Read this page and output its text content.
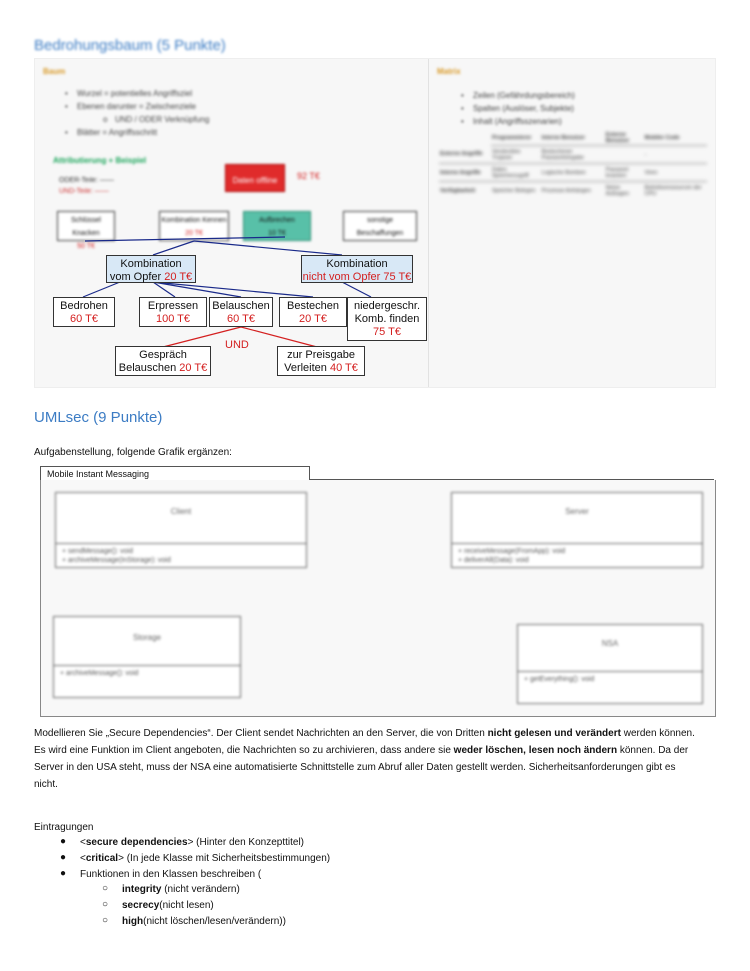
Bedrohungsbaum (5 Punkte)
Baum
• Wurzel = potentielles Angriffsziel
• Ebenen darunter = Zwischenziele
o UND / ODER Verknüpfung
• Blätter = Angriffsschritt
Attributierung + Beispiel
ODER-Teile: ——
UND-Teile: ——
Daten offline	92 T€
Schlüssel Knacken
50 T€
Kombination Kennen
20 T€
Aufbrechen
10 T€
sonstige Beschaffungen
Matrix
• Zeilen (Gefährdungsbereich)
• Spalten (Auslöser, Subjekte)
• Inhalt (Angriffsszenarien)
	Programmierer	Interne Benutzer	Externe Benutzer	Mobiler Code
Externe Angriffe	Verstecktes Trojaner	Bestochener Passworteingabe		-
Interne Angriffe	Daten Speicherzugriff	Logische Bomben	Passwort knacken	Viren
Verfügbarkeit	Speicher Belegen	Prozesse Anhängen	Netze Aufsagen	Betriebsressourcen der CPU
Kombination
vom Opfer 20 T€
Kombination
nicht vom Opfer 75 T€
Bedrohen
60 T€
Erpressen
100 T€
Belauschen
60 T€
Bestechen
20 T€
niedergeschr.
Komb. finden
75 T€
UND
Gespräch
Belauschen 20 T€
zur Preisgabe
Verleiten 40 T€
UMLsec (9 Punkte)
Aufgabenstellung, folgende Grafik ergänzen:
Mobile Instant Messaging
Client
+ sendMessage(): void
+ archiveMessage(InStorage): void
Server
+ receiveMessage(FromApp): void
+ deliverAll(Data): void
Storage
+ archiveMessage(): void
NSA
+ getEverything(): void
Modellieren Sie „Secure Dependencies“. Der Client sendet Nachrichten an den Server, die von Dritten nicht gelesen und verändert werden können. Es wird eine Funktion im Client angeboten, die Nachrichten so zu archivieren, dass andere sie weder löschen, lesen noch ändern können. Da der Server in den USA steht, muss der NSA eine automatisierte Schnittstelle zum Abruf aller Daten gestellt werden. Sicherheitsanforderungen gibt es nicht.
Eintragungen
● <secure dependencies> (Hinter den Konzepttitel)
● <critical> (In jede Klasse mit Sicherheitsbestimmungen)
● Funktionen in den Klassen beschreiben (
○ integrity (nicht verändern)
○ secrecy(nicht lesen)
○ high(nicht löschen/lesen/verändern))
